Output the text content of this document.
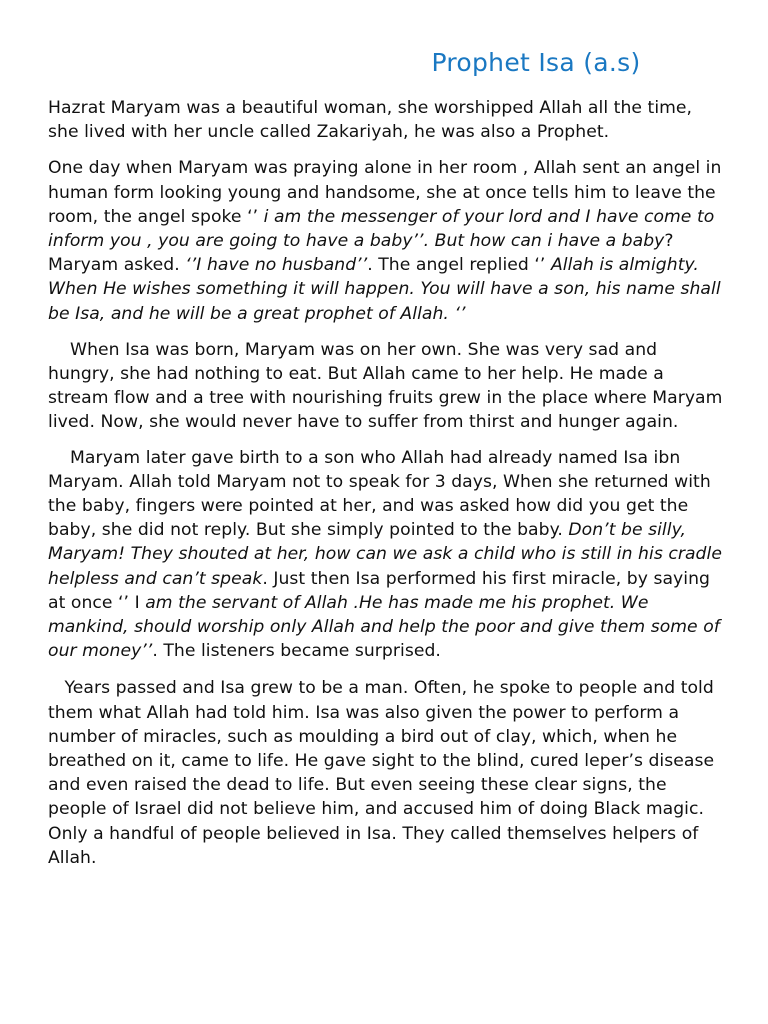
Prophet Isa (a.s)

Hazrat Maryam was a beautiful woman, she worshipped Allah all the time, she lived with her uncle called Zakariyah, he was also a Prophet.

One day when Maryam was praying alone in her room , Allah sent an angel in human form looking young and handsome, she at once tells him to leave the room, the angel spoke ‘’ i am the messenger of your lord and I have come to inform you , you are going to have a baby’’. But how can i have a baby? Maryam asked. ‘’I have no husband’’. The angel replied ‘’ Allah is almighty. When He wishes something it will happen. You will have a son, his name shall be Isa, and he will be a great prophet of Allah. ‘’

When Isa was born, Maryam was on her own. She was very sad and hungry, she had nothing to eat. But Allah came to her help. He made a stream flow and a tree with nourishing fruits grew in the place where Maryam lived. Now, she would never have to suffer from thirst and hunger again.

Maryam later gave birth to a son who Allah had already named Isa ibn Maryam. Allah told Maryam not to speak for 3 days, When she returned with the baby, fingers were pointed at her, and was asked how did you get the baby, she did not reply. But she simply pointed to the baby. Don’t be silly, Maryam! They shouted at her, how can we ask a child who is still in his cradle helpless and can’t speak. Just then Isa performed his first miracle, by saying at once ‘’ I am the servant of Allah .He has made me his prophet. We mankind, should worship only Allah and help the poor and give them some of our money’’. The listeners became surprised.

Years passed and Isa grew to be a man. Often, he spoke to people and told them what Allah had told him. Isa was also given the power to perform a number of miracles, such as moulding a bird out of clay, which, when he breathed on it, came to life. He gave sight to the blind, cured leper’s disease and even raised the dead to life. But even seeing these clear signs, the people of Israel did not believe him, and accused him of doing Black magic. Only a handful of people believed in Isa. They called themselves helpers of Allah.
